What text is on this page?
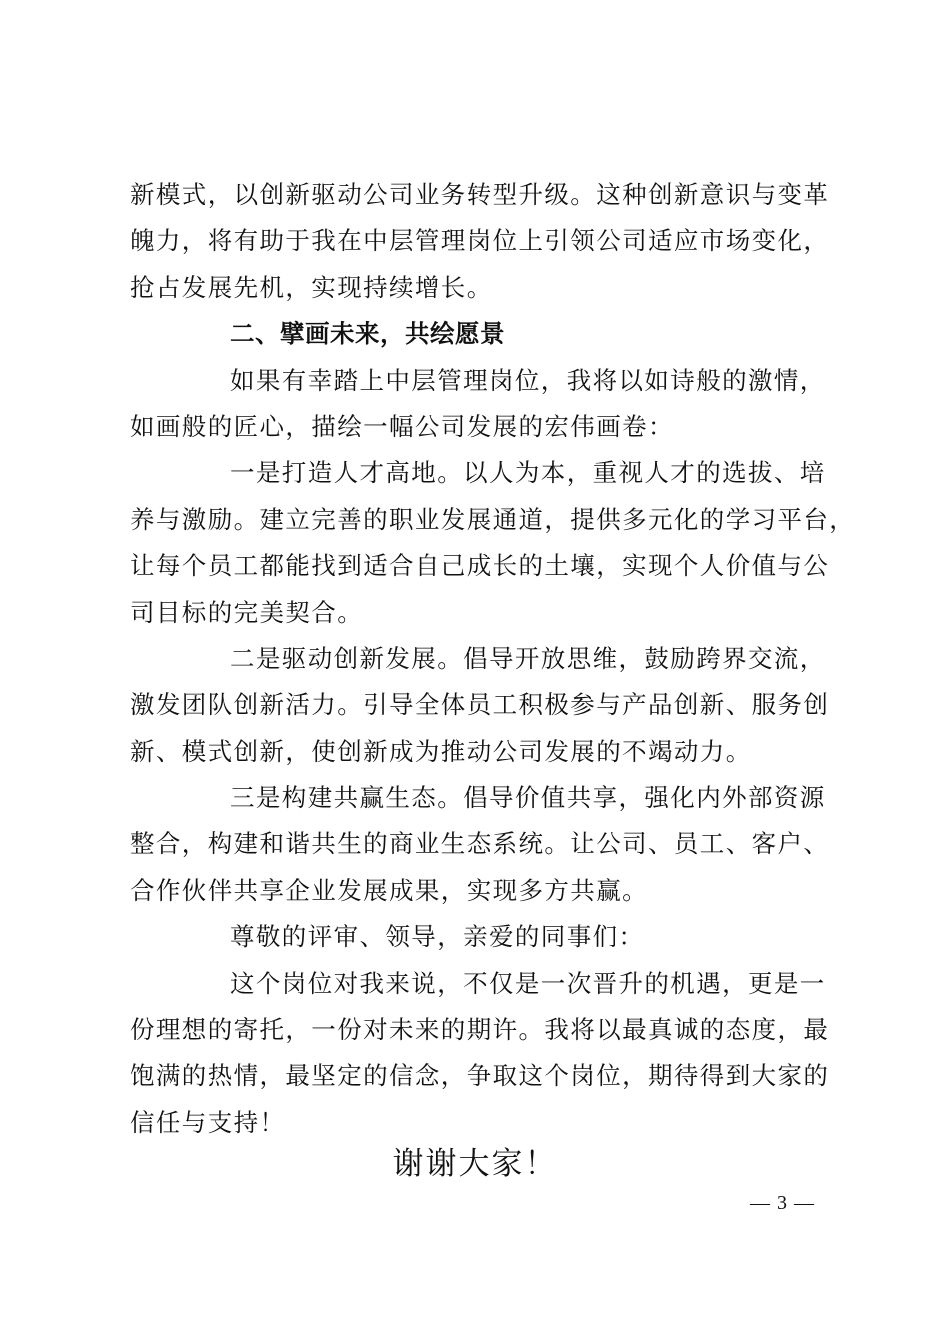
新模式，以创新驱动公司业务转型升级。这种创新意识与变革
魄力，将有助于我在中层管理岗位上引领公司适应市场变化，
抢占发展先机，实现持续增长。
二、擘画未来，共绘愿景
如果有幸踏上中层管理岗位，我将以如诗般的激情，
如画般的匠心，描绘一幅公司发展的宏伟画卷：
一是打造人才高地。以人为本，重视人才的选拔、培
养与激励。建立完善的职业发展通道，提供多元化的学习平台，
让每个员工都能找到适合自己成长的土壤，实现个人价值与公
司目标的完美契合。
二是驱动创新发展。倡导开放思维，鼓励跨界交流，
激发团队创新活力。引导全体员工积极参与产品创新、服务创
新、模式创新，使创新成为推动公司发展的不竭动力。
三是构建共赢生态。倡导价值共享，强化内外部资源
整合，构建和谐共生的商业生态系统。让公司、员工、客户、
合作伙伴共享企业发展成果，实现多方共赢。
尊敬的评审、领导，亲爱的同事们：
这个岗位对我来说，不仅是一次晋升的机遇，更是一
份理想的寄托，一份对未来的期许。我将以最真诚的态度，最
饱满的热情，最坚定的信念，争取这个岗位，期待得到大家的
信任与支持！
谢谢大家！
— 3 —
